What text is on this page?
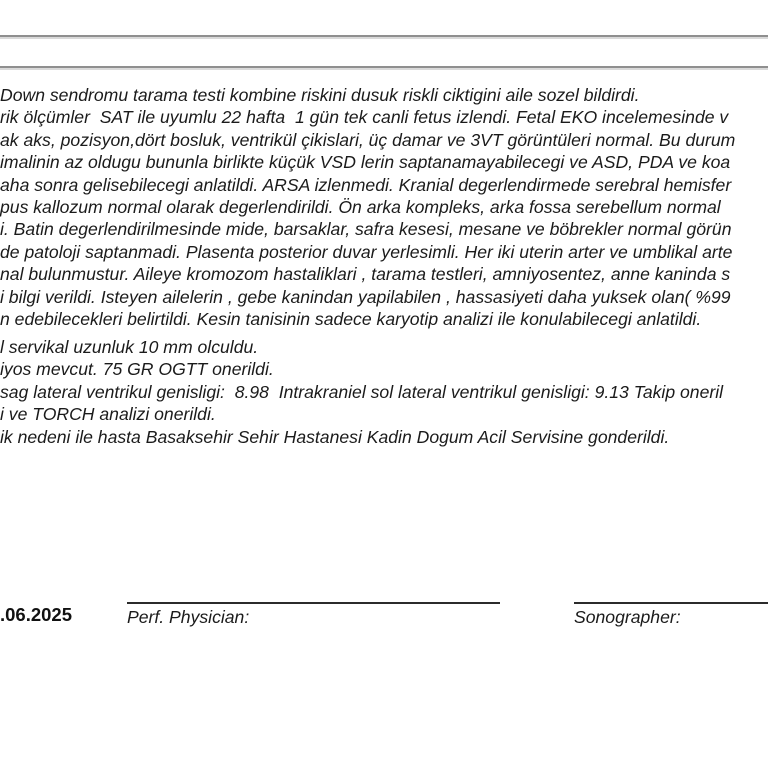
Down sendromu tarama testi kombine riskini dusuk riskli ciktigini aile sozel bildirdi.
rik ölçümler  SAT ile uyumlu 22 hafta  1 gün tek canli fetus izlendi. Fetal EKO incelemesinde v
ak aks, pozisyon,dört bosluk, ventrikül çikislari, üç damar ve 3VT görüntüleri normal. Bu durum
imalinin az oldugu bununla birlikte küçük VSD lerin saptanamayabilecegi ve ASD, PDA ve koa
aha sonra gelisebilecegi anlatildi. ARSA izlenmedi. Kranial degerlendirmede serebral hemisfer
pus kallozum normal olarak degerlendirildi. Ön arka kompleks, arka fossa serebellum normal
i. Batin degerlendirilmesinde mide, barsaklar, safra kesesi, mesane ve böbrekler normal görün
de patoloji saptanmadi. Plasenta posterior duvar yerlesimli. Her iki uterin arter ve umblikal arte
nal bulunmustur. Aileye kromozom hastaliklari , tarama testleri, amniyosentez, anne kaninda s
i bilgi verildi. Isteyen ailelerin , gebe kanindan yapilabilen , hassasiyeti daha yuksek olan( %99
n edebilecekleri belirtildi. Kesin tanisinin sadece karyotip analizi ile konulabilecegi anlatildi.
l servikal uzunluk 10 mm olculdu.
iyos mevcut. 75 GR OGTT onerildi.
sag lateral ventrikul genisligi:  8.98  Intrakraniel sol lateral ventrikul genisligi: 9.13 Takip oneril
i ve TORCH analizi onerildi.
ik nedeni ile hasta Basaksehir Sehir Hastanesi Kadin Dogum Acil Servisine gonderildi.
.06.2025	Perf. Physician:	Sonographer:
